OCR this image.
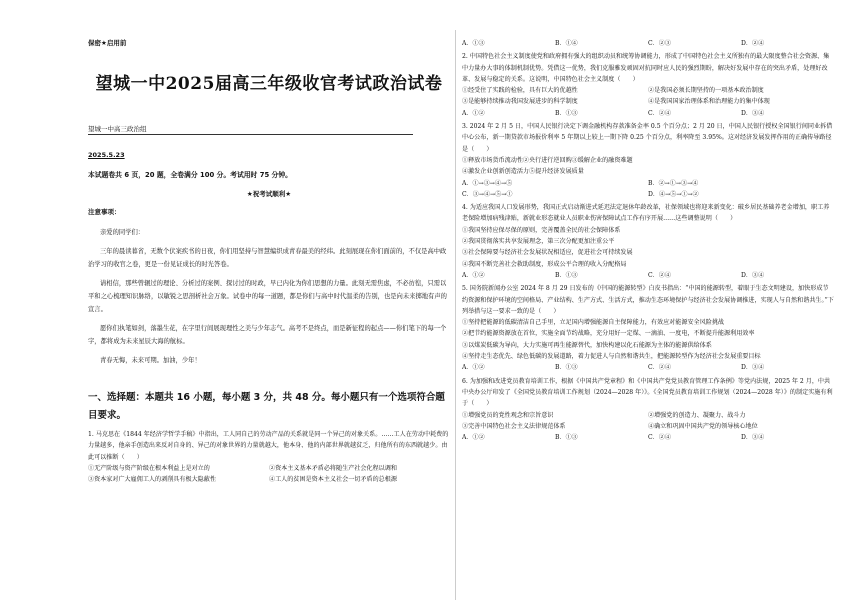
保密★启用前
望城一中2025届高三年级收官考试政治试卷
望城一中高三政治组
2025.5.23
本试题卷共 6 页，20 题，全卷满分 100 分。考试用时 75 分钟。
★祝考试顺利★
注意事项：
亲爱的同学们：

三年的晨读暮省，无数个伏案疾书的日夜，你们用坚持与智慧编织成青春最美的经纬。此刻展现在你们面前的，不仅是高中政治学习的收官之卷，更是一份见证成长的时光答卷。

请相信，那些曾辗过的理论、分析过的案例、探讨过的时政，早已内化为你们思想的力量。此刻无需焦虑，不必彷徨，只需以平和之心梳理知识脉络，以敏锐之思剖析社会万象。试卷中的每一道题，都是你们与高中时代温柔的告别，也是向未来掷地有声的宣言。

愿你们执笔如剑，落墨生花，在字里行间展现理性之美与少年志气。高考不是终点，而是新征程的起点——你们笔下的每一个字，都将成为未来星辰大海的航标。

青春无悔，未来可期。加油，少年！

一、选择题：本题共 16 小题，每小题 3 分，共 48 分。每小题只有一个选项符合题目要求。

1. 马克思在《1844 年经济学哲学手稿》中指出，工人同自己的劳动产品的关系就是同一个异己的对象关系。……工人在劳动中耗费的力量越多，他亲手创造出来反对自身的、异己的对象世界的力量就越大，他本身、他的内部世界就越贫乏，归他所有的东西就越少。由此可以推断（　　）

①无产阶级与资产阶级在根本利益上是对立的	②资本主义基本矛盾必将随生产社会化程以调和
③资本家对广大雇佣工人的剥削具有极大隐蔽性	④工人的贫困是资本主义社会一切矛盾的总根源
A．①③	B．①④	C．②③	D．②④

2. 中国特色社会主义制度使党和政府拥有强大的组织动员和统筹协调能力，形成了中国特色社会主义所独有的最大限度整合社会资源、集中力量办大事的体制机制优势。凭借这一优势，我们克服雅发顽固对抗同时应人民的强烈期盼，解决好发展中存在的突出矛盾，处理好改革、发展与稳定的关系。这说明，中国特色社会主义制度（　　）

①经受住了实践的检验，具有巨大的优越性	②是我国必须长期坚持的一项基本政治制度
③是能够持续推动我国发展进步的科学制度	④是我国国家治理体系和治理能力的集中体现
A．①②	B．①③	C．②④	D．③④

3. 2024 年 2 月 5 日，中国人民银行决定下调金融机构存款准备金率 0.5 个百分点；2 月 20 日，中国人民银行授权全国银行间同业拆借中心公布，新一期贷款市场报价利率 5 年期以上较上一期下降 0.25 个百分点，利率降至 3.95%。这对经济发展发挥作用的正确传导路径是（　　）

①释放市场货币流动性②央行进行逆回购③缓解企业的融资难题

④激发企业创新创造活力⑤提升经济发展质量

A．①→③→④→⑤	B．②→①→③→④
C．③→④→⑤→①	D．④→⑤→①→②

4. 为适应我国人口发展形势，我国正式启动渐进式延迟法定退休年龄改革，社保领域也将迎来新变化：破乡居民基础养老金增加，职工养老保险增加病残津贴，新就业形态就业人员职业伤害保障试点工作有序开展……这些调整说明（　　）

①我国坚持应保尽保的原则，完善覆盖全民的社会保障体系

②我国贯彻落实共享发展理念，第三次分配更加注重公平

③社会保障要与经济社会发展状况相适应，促进社会可持续发展

④我国不断完善社会救助制度，形成公平合理的收入分配格局

A．①②	B．①③	C．②④	D．③④

5. 国务院新闻办公室 2024 年 8 月 29 日发布的《中国的能源转型》白皮书指出：“中国的能源转型，着眼于生态文明建设，加快形成节约资源和保护环境的空间格局、产业结构、生产方式、生活方式，推动生态环境保护与经济社会发展协调推进，实现人与自然和谐共生。”下列举措与这一要求一致的是（　　）

①坚持把能源的低碳清洁自己手里，立足国内增强能源自主保障能力，有效应对能源安全风险挑战

②把节约能源资源放在首位，实施全面节约战略，充分用好一定煤、一滴油、一度电，不断提升能源利用效率

③以煤炭低碳为导向，大力实施可再生能源替代，加快构建以化石能源为主体的能源供给体系

④坚持走生态优先、绿色低碳的发展道路，着力促进人与自然和谐共生，把能源转型作为经济社会发展重要目标

A．①②	B．①③	C．②④	D．③④

6. 为加强和改进党员教育培训工作，根据《中国共产党章程》和《中国共产党党员教育管理工作条例》等党内法规，2025 年 2 月，中共中央办公厅印发了《全国党员教育培训工作规划（2024—2028 年）》。《全国党员教育培训工作规划（2024—2028 年）》的制定实施有利于（　　）

①增强党员的党性观念和宗旨意识	②增强党的创造力、凝聚力、战斗力
③完善中国特色社会主义法律规范体系	④确立和巩固中国共产党的领导核心地位
A．①②	B．①③	C．②④	D．③④
